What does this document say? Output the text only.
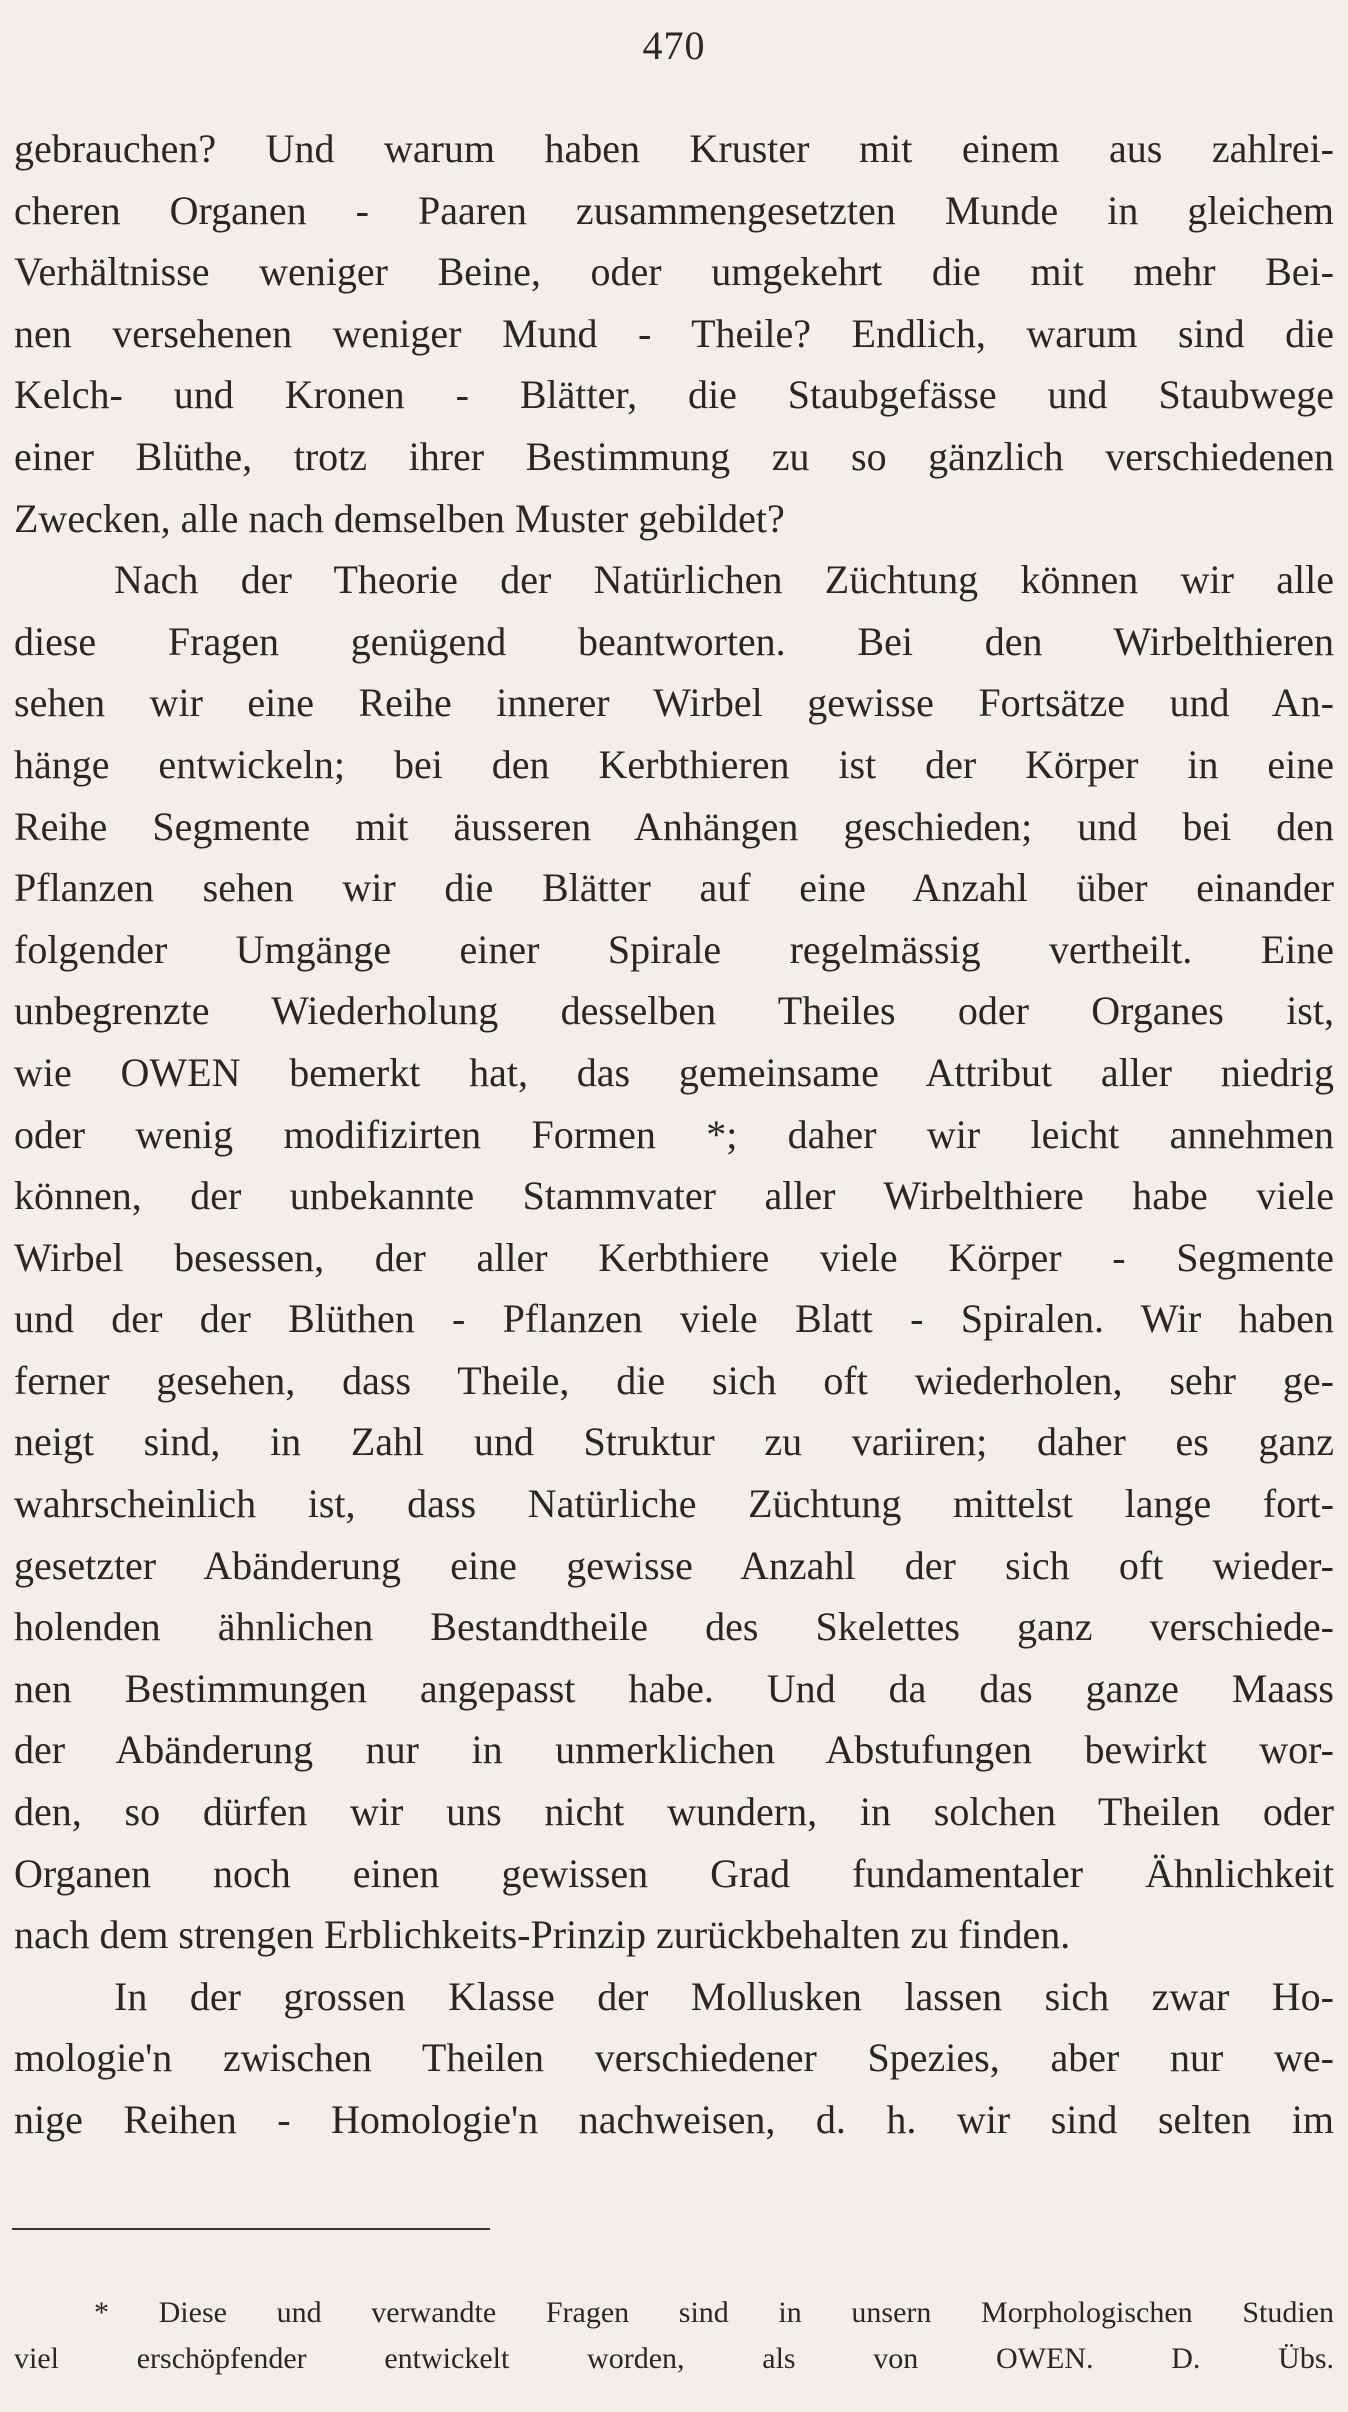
470
gebrauchen? Und warum haben Kruster mit einem aus zahlrei-
cheren Organen - Paaren zusammengesetzten Munde in gleichem
Verhältnisse weniger Beine, oder umgekehrt die mit mehr Bei-
nen versehenen weniger Mund - Theile? Endlich, warum sind die
Kelch- und Kronen - Blätter, die Staubgefässe und Staubwege
einer Blüthe, trotz ihrer Bestimmung zu so gänzlich verschiedenen
Zwecken, alle nach demselben Muster gebildet?
Nach der Theorie der Natürlichen Züchtung können wir alle
diese Fragen genügend beantworten. Bei den Wirbelthieren
sehen wir eine Reihe innerer Wirbel gewisse Fortsätze und An-
hänge entwickeln; bei den Kerbthieren ist der Körper in eine
Reihe Segmente mit äusseren Anhängen geschieden; und bei den
Pflanzen sehen wir die Blätter auf eine Anzahl über einander
folgender Umgänge einer Spirale regelmässig vertheilt. Eine
unbegrenzte Wiederholung desselben Theiles oder Organes ist,
wie OWEN bemerkt hat, das gemeinsame Attribut aller niedrig
oder wenig modifizirten Formen *; daher wir leicht annehmen
können, der unbekannte Stammvater aller Wirbelthiere habe viele
Wirbel besessen, der aller Kerbthiere viele Körper - Segmente
und der der Blüthen - Pflanzen viele Blatt - Spiralen. Wir haben
ferner gesehen, dass Theile, die sich oft wiederholen, sehr ge-
neigt sind, in Zahl und Struktur zu variiren; daher es ganz
wahrscheinlich ist, dass Natürliche Züchtung mittelst lange fort-
gesetzter Abänderung eine gewisse Anzahl der sich oft wieder-
holenden ähnlichen Bestandtheile des Skelettes ganz verschiede-
nen Bestimmungen angepasst habe. Und da das ganze Maass
der Abänderung nur in unmerklichen Abstufungen bewirkt wor-
den, so dürfen wir uns nicht wundern, in solchen Theilen oder
Organen noch einen gewissen Grad fundamentaler Ähnlichkeit
nach dem strengen Erblichkeits-Prinzip zurückbehalten zu finden.
In der grossen Klasse der Mollusken lassen sich zwar Ho-
mologie'n zwischen Theilen verschiedener Spezies, aber nur we-
nige Reihen - Homologie'n nachweisen, d. h. wir sind selten im
* Diese und verwandte Fragen sind in unsern Morphologischen Studien
viel erschöpfender entwickelt worden, als von OWEN. D. Übs.
